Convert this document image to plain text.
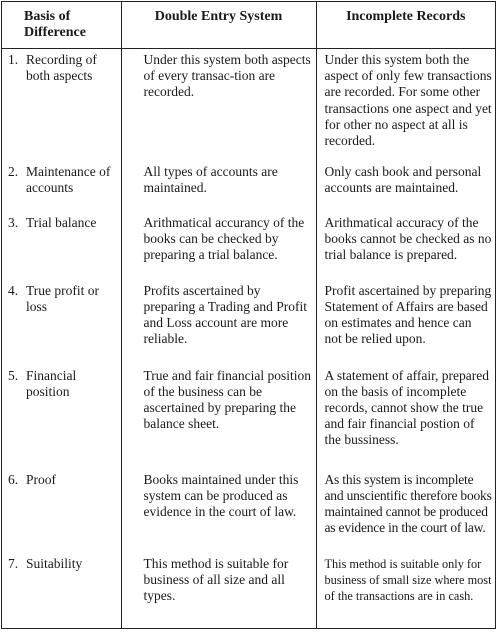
Basis of Difference	Double Entry System	Incomplete Records

1. Recording of both aspects	Under this system both aspects of every transac-tion are recorded.	Under this system both the aspect of only few transactions are recorded. For some other transactions one aspect and yet for other no aspect at all is recorded.

2. Maintenance of accounts	All types of accounts are maintained.	Only cash book and personal accounts are maintained.

3. Trial balance	Arithmatical accurancy of the books can be checked by preparing a trial balance.	Arithmatical accuracy of the books cannot be checked as no trial balance is prepared.

4. True profit or loss	Profits ascertained by preparing a Trading and Profit and Loss account are more reliable.	Profit ascertained by preparing Statement of Affairs are based on estimates and hence can not be relied upon.

5. Financial position	True and fair financial position of the business can be ascertained by preparing the balance sheet.	A statement of affair, prepared on the basis of incomplete records, cannot show the true and fair financial postion of the bussiness.

6. Proof	Books maintained under this system can be produced as evidence in the court of law.	As this system is incomplete and unscientific therefore books maintained cannot be produced as evidence in the court of law.

7. Suitability	This method is suitable for business of all size and all types.	This method is suitable only for business of small size where most of the transactions are in cash.
